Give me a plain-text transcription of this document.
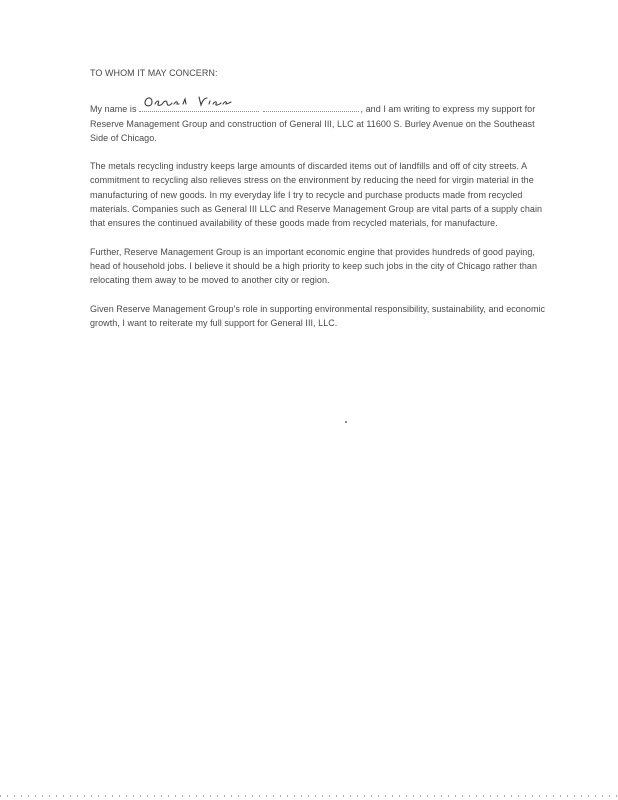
TO WHOM IT MAY CONCERN:

My name is	, and I am writing to express my support for Reserve Management Group and construction of General III, LLC at 11600 S. Burley Avenue on the Southeast Side of Chicago.

The metals recycling industry keeps large amounts of discarded items out of landfills and off of city streets. A commitment to recycling also relieves stress on the environment by reducing the need for virgin material in the manufacturing of new goods. In my everyday life I try to recycle and purchase products made from recycled materials. Companies such as General III LLC and Reserve Management Group are vital parts of a supply chain that ensures the continued availability of these goods made from recycled materials, for manufacture.

Further, Reserve Management Group is an important economic engine that provides hundreds of good paying, head of household jobs. I believe it should be a high priority to keep such jobs in the city of Chicago rather than relocating them away to be moved to another city or region.

Given Reserve Management Group's role in supporting environmental responsibility, sustainability, and economic growth, I want to reiterate my full support for General III, LLC.
